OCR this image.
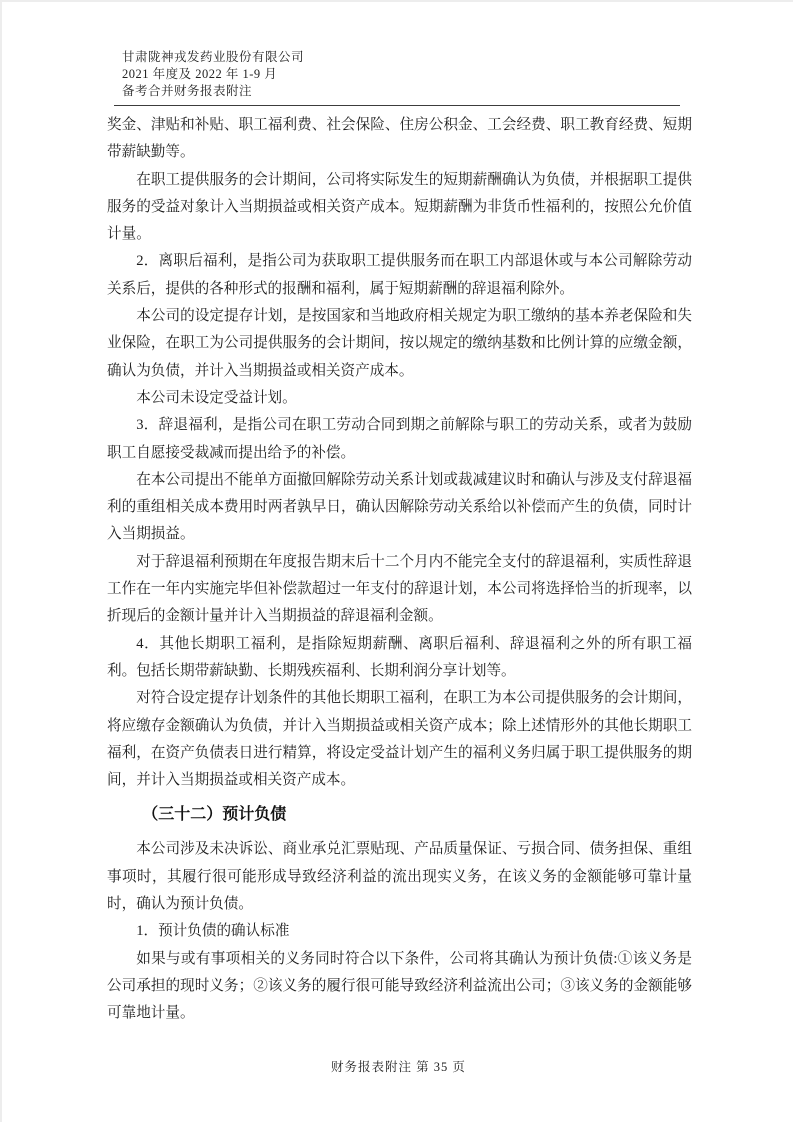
甘肃陇神戎发药业股份有限公司
2021 年度及 2022 年 1-9 月
备考合并财务报表附注

奖金、津贴和补贴、职工福利费、社会保险、住房公积金、工会经费、职工教育经费、短期带薪缺勤等。

在职工提供服务的会计期间，公司将实际发生的短期薪酬确认为负债，并根据职工提供服务的受益对象计入当期损益或相关资产成本。短期薪酬为非货币性福利的，按照公允价值计量。

2．离职后福利，是指公司为获取职工提供服务而在职工内部退休或与本公司解除劳动关系后，提供的各种形式的报酬和福利，属于短期薪酬的辞退福利除外。

本公司的设定提存计划，是按国家和当地政府相关规定为职工缴纳的基本养老保险和失业保险，在职工为公司提供服务的会计期间，按以规定的缴纳基数和比例计算的应缴金额，确认为负债，并计入当期损益或相关资产成本。

本公司未设定受益计划。

3．辞退福利，是指公司在职工劳动合同到期之前解除与职工的劳动关系，或者为鼓励职工自愿接受裁减而提出给予的补偿。

在本公司提出不能单方面撤回解除劳动关系计划或裁减建议时和确认与涉及支付辞退福利的重组相关成本费用时两者孰早日，确认因解除劳动关系给以补偿而产生的负债，同时计入当期损益。

对于辞退福利预期在年度报告期末后十二个月内不能完全支付的辞退福利，实质性辞退工作在一年内实施完毕但补偿款超过一年支付的辞退计划，本公司将选择恰当的折现率，以折现后的金额计量并计入当期损益的辞退福利金额。

4．其他长期职工福利，是指除短期薪酬、离职后福利、辞退福利之外的所有职工福利。包括长期带薪缺勤、长期残疾福利、长期利润分享计划等。

对符合设定提存计划条件的其他长期职工福利，在职工为本公司提供服务的会计期间，将应缴存金额确认为负债，并计入当期损益或相关资产成本；除上述情形外的其他长期职工福利，在资产负债表日进行精算，将设定受益计划产生的福利义务归属于职工提供服务的期间，并计入当期损益或相关资产成本。

（三十二）预计负债

本公司涉及未决诉讼、商业承兑汇票贴现、产品质量保证、亏损合同、债务担保、重组事项时，其履行很可能形成导致经济利益的流出现实义务，在该义务的金额能够可靠计量时，确认为预计负债。

1．预计负债的确认标准

如果与或有事项相关的义务同时符合以下条件，公司将其确认为预计负债:①该义务是公司承担的现时义务；②该义务的履行很可能导致经济利益流出公司；③该义务的金额能够可靠地计量。

财务报表附注 第 35 页
